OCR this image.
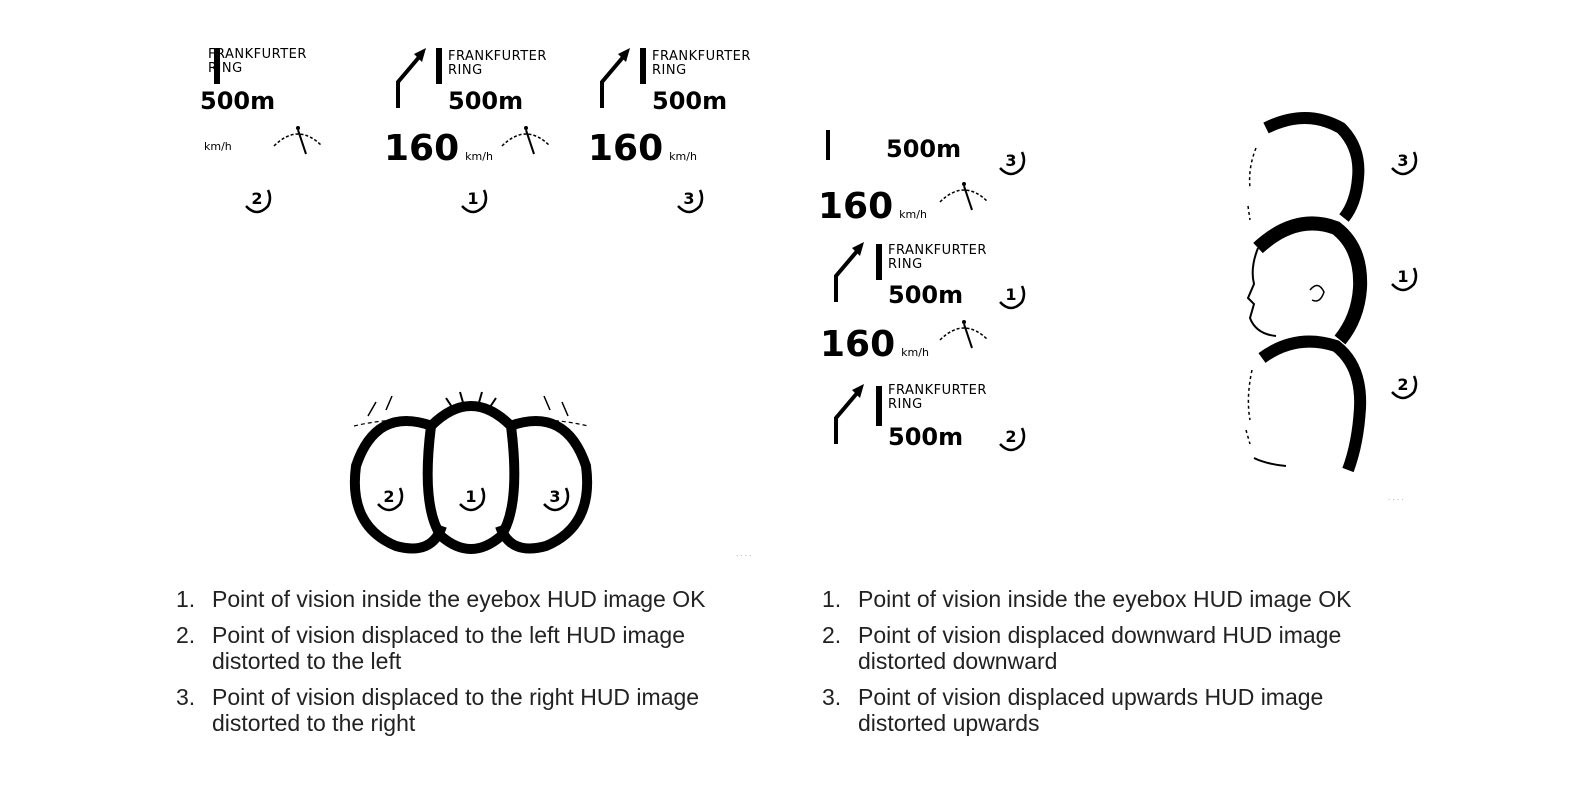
FRANKFURTER
RING
500m
km/h
2
FRANKFURTER
RING
500m
160 km/h
1
FRANKFURTER
RING
500m
160 km/h
3
2	1	3
· · · ·
500m	3
160 km/h
FRANKFURTER
RING
500m	1
160 km/h
FRANKFURTER
RING
500m	2
3
1
2
· · · ·
1. Point of vision inside the eyebox HUD image OK
2. Point of vision displaced to the left HUD image distorted to the left
3. Point of vision displaced to the right HUD image distorted to the right
1. Point of vision inside the eyebox HUD image OK
2. Point of vision displaced downward HUD image distorted downward
3. Point of vision displaced upwards HUD image distorted upwards
